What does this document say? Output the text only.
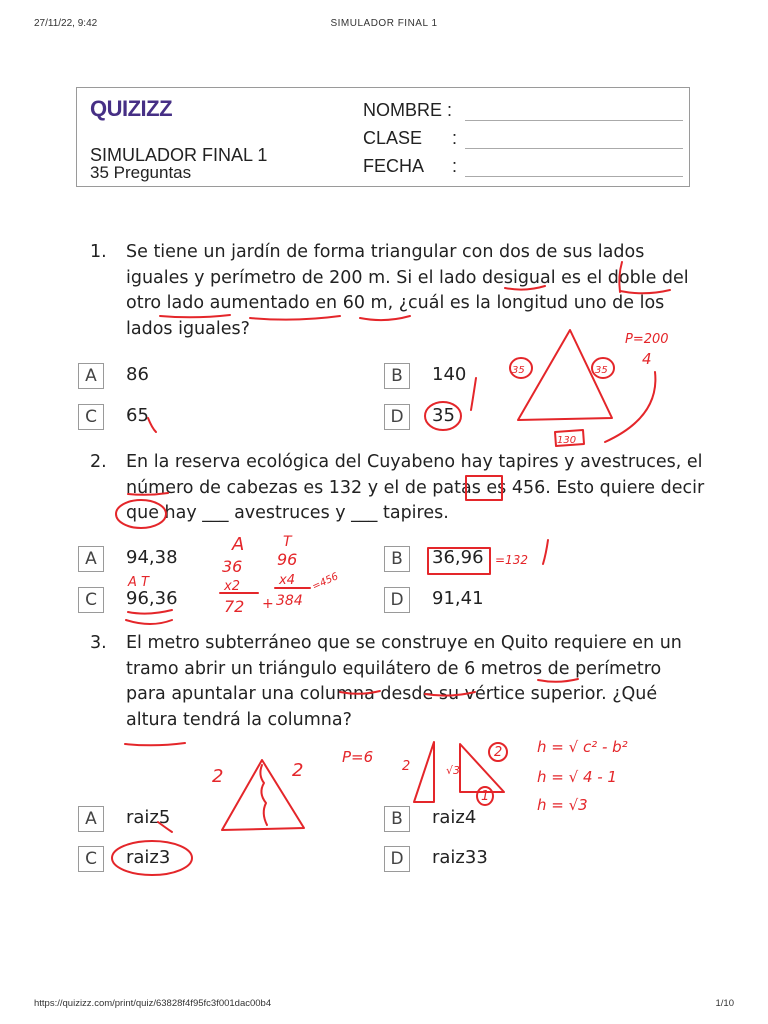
27/11/22, 9:42	SIMULADOR FINAL 1
QUIZIZZ
SIMULADOR FINAL 1
35 Preguntas
NOMBRE :
CLASE :
FECHA :
1. Se tiene un jardín de forma triangular con dos de sus lados iguales y perímetro de 200 m. Si el lado desigual es el doble del otro lado aumentado en 60 m, ¿cuál es la longitud uno de los lados iguales?
A	86	B	140
C	65	D	35
2. En la reserva ecológica del Cuyabeno hay tapires y avestruces, el número de cabezas es 132 y el de patas es 456. Esto quiere decir que hay ___ avestruces y ___ tapires.
A	94,38	B	36,96
C	96,36	D	91,41
3. El metro subterráneo que se construye en Quito requiere en un tramo abrir un triángulo equilátero de 6 metros de perímetro para apuntalar una columna desde su vértice superior. ¿Qué altura tendrá la columna?
A	raiz5	B	raiz4
C	raiz3	D	raiz33
35	35
130
P=200
4
A	T
36 96
x2	x4
72 384
+
=456
=132
A T
2	2
P=6
2
2
√3
1
h = √ c² - b²
h = √ 4 - 1
h = √3
https://quizizz.com/print/quiz/63828f4f95fc3f001dac00b4	1/10
